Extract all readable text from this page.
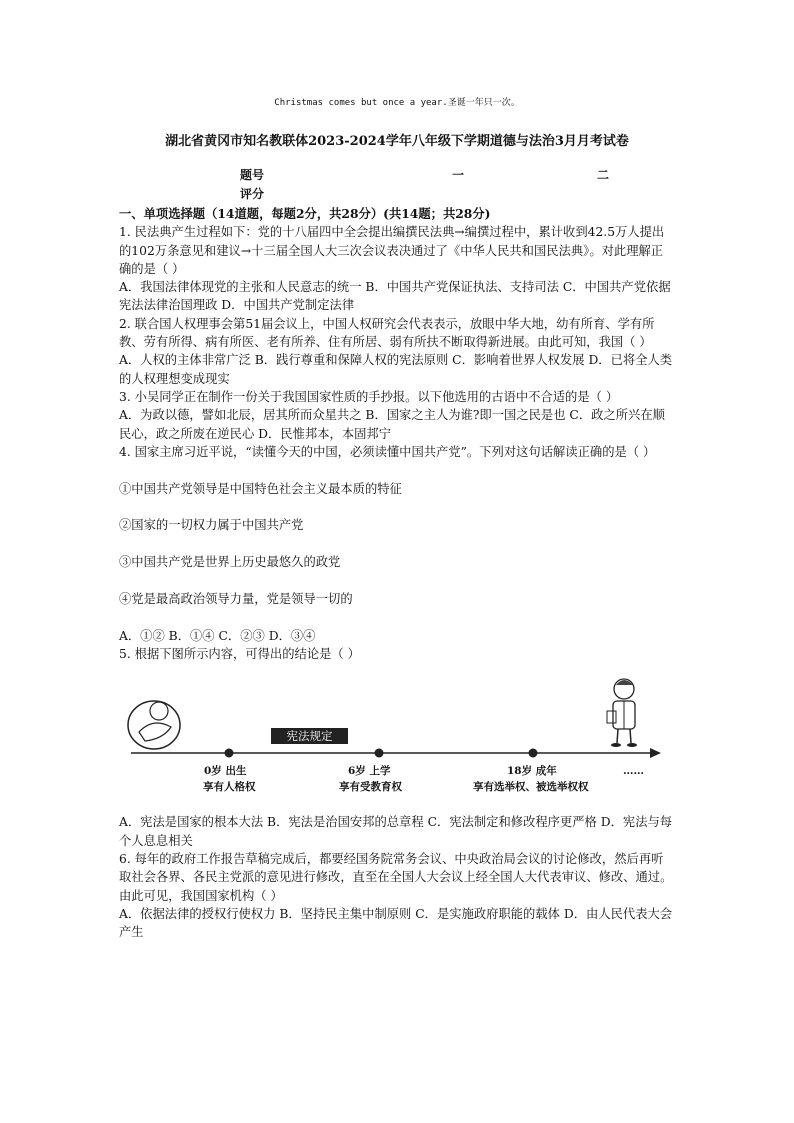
Christmas comes but once a year.圣诞一年只一次。
湖北省黄冈市知名教联体2023-2024学年八年级下学期道德与法治3月月考试卷
题号	一	二
评分

一、单项选择题（14道题，每题2分，共28分）(共14题；共28分)

1. 民法典产生过程如下：党的十八届四中全会提出编撰民法典→编撰过程中，累计收到42.5万人提出的102万条意见和建议→十三届全国人大三次会议表决通过了《中华人民共和国民法典》。对此理解正确的是（ ）

A．我国法律体现党的主张和人民意志的统一 B．中国共产党保证执法、支持司法 C．中国共产党依据宪法法律治国理政 D．中国共产党制定法律

2. 联合国人权理事会第51届会议上，中国人权研究会代表表示，放眼中华大地，幼有所育、学有所教、劳有所得、病有所医、老有所养、住有所居、弱有所扶不断取得新进展。由此可知，我国（ ）

A．人权的主体非常广泛 B．践行尊重和保障人权的宪法原则 C．影响着世界人权发展 D．已将全人类的人权理想变成现实

3. 小吴同学正在制作一份关于我国国家性质的手抄报。以下他选用的古语中不合适的是（ ）

A．为政以德，譬如北辰，居其所而众星共之 B．国家之主人为谁?即一国之民是也 C．政之所兴在顺民心，政之所废在逆民心 D．民惟邦本，本固邦宁

4. 国家主席习近平说，“读懂今天的中国，必须读懂中国共产党”。下列对这句话解读正确的是（ ）

①中国共产党领导是中国特色社会主义最本质的特征

②国家的一切权力属于中国共产党

③中国共产党是世界上历史最悠久的政党

④党是最高政治领导力量，党是领导一切的

A．①② B．①④ C．②③ D．③④

5. 根据下图所示内容，可得出的结论是（ ）

宪法规定
0岁 出生
享有人格权
6岁 上学
享有受教育权
18岁 成年
享有选举权、被选举权权
……

A．宪法是国家的根本大法 B．宪法是治国安邦的总章程 C．宪法制定和修改程序更严格 D．宪法与每个人息息相关

6. 每年的政府工作报告草稿完成后，都要经国务院常务会议、中央政治局会议的讨论修改，然后再听取社会各界、各民主党派的意见进行修改，直至在全国人大会议上经全国人大代表审议、修改、通过。由此可见，我国国家机构（ ）

A．依据法律的授权行使权力 B．坚持民主集中制原则 C．是实施政府职能的载体 D．由人民代表大会产生
